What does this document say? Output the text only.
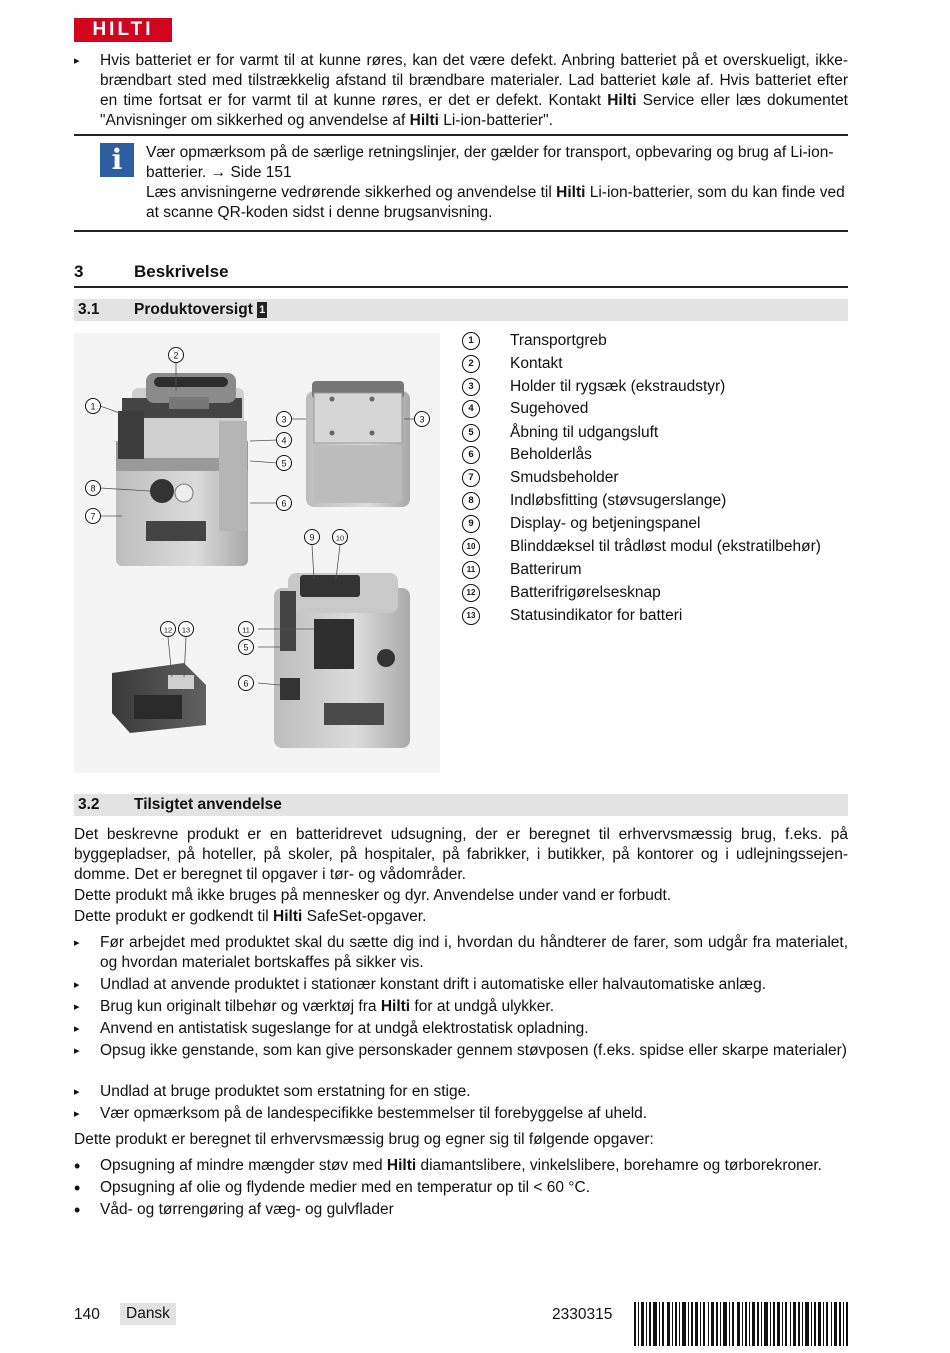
HILTI
▸ Hvis batteriet er for varmt til at kunne røres, kan det være defekt. Anbring batteriet på et overskueligt, ikke-brændbart sted med tilstrækkelig afstand til brændbare materialer. Lad batteriet køle af. Hvis batteriet efter en time fortsat er for varmt til at kunne røres, er det er defekt. Kontakt Hilti Service eller læs dokumentet "Anvisninger om sikkerhed og anvendelse af Hilti Li-ion-batterier".
i	Vær opmærksom på de særlige retningslinjer, der gælder for transport, opbevaring og brug af Li-ion- batterier. → Side 151
Læs anvisningerne vedrørende sikkerhed og anvendelse til Hilti Li-ion-batterier, som du kan finde ved at scanne QR-koden sidst i denne brugsanvisning.
3	Beskrivelse
3.1 Produktoversigt 1
2
1
3	3
4
5
6
8
7
9	10
11
5
6
12 13
1	Transportgreb
2	Kontakt
3	Holder til rygsæk (ekstraudstyr)
4	Sugehoved
5	Åbning til udgangsluft
6	Beholderlås
7	Smudsbeholder
8	Indløbsfitting (støvsugerslange)
9	Display- og betjeningspanel
10 Blinddæksel til trådløst modul (ekstratilbehør)
11	Batterirum
12 Batterifrigørelsesknap
13 Statusindikator for batteri
3.2 Tilsigtet anvendelse
Det beskrevne produkt er en batteridrevet udsugning, der er beregnet til erhvervsmæssig brug, f.eks. på byggepladser, på hoteller, på skoler, på hospitaler, på fabrikker, i butikker, på kontorer og i udlejningssejen-domme. Det er beregnet til opgaver i tør- og vådområder.
Dette produkt må ikke bruges på mennesker og dyr. Anvendelse under vand er forbudt.
Dette produkt er godkendt til Hilti SafeSet-opgaver.
▸ Før arbejdet med produktet skal du sætte dig ind i, hvordan du håndterer de farer, som udgår fra materialet, og hvordan materialet bortskaffes på sikker vis.
▸ Undlad at anvende produktet i stationær konstant drift i automatiske eller halvautomatiske anlæg.
▸ Brug kun originalt tilbehør og værktøj fra Hilti for at undgå ulykker.
▸ Anvend en antistatisk sugeslange for at undgå elektrostatisk opladning.
▸ Opsug ikke genstande, som kan give personskader gennem støvposen (f.eks. spidse eller skarpe materialer)
▸ Undlad at bruge produktet som erstatning for en stige.
▸ Vær opmærksom på de landespecifikke bestemmelser til forebyggelse af uheld.
Dette produkt er beregnet til erhvervsmæssig brug og egner sig til følgende opgaver:
• Opsugning af mindre mængder støv med Hilti diamantslibere, vinkelslibere, borehamre og tørborekroner.
• Opsugning af olie og flydende medier med en temperatur op til < 60 °C.
• Våd- og tørrengøring af væg- og gulvflader
140	Dansk	2330315
